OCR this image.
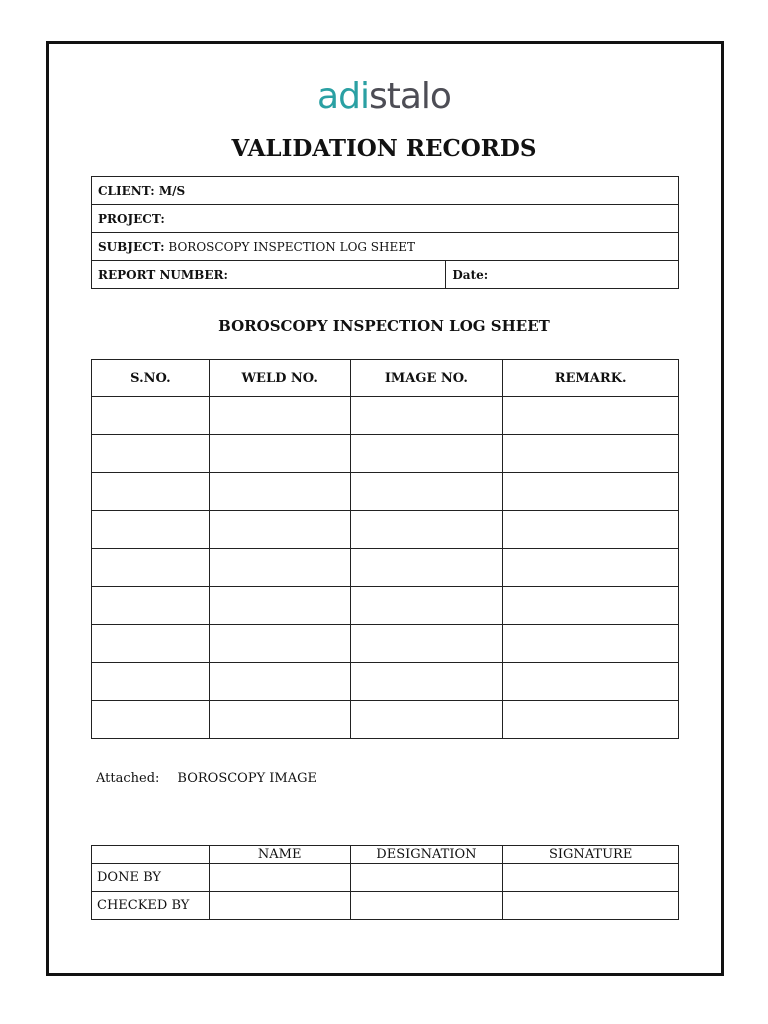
adistalo
VALIDATION RECORDS
CLIENT: M/S
PROJECT:
SUBJECT: BOROSCOPY INSPECTION LOG SHEET
REPORT NUMBER:	Date:
BOROSCOPY INSPECTION LOG SHEET
S.NO.	WELD NO.	IMAGE NO.	REMARK.

Attached: BOROSCOPY IMAGE
	NAME	DESIGNATION	SIGNATURE
DONE BY			
CHECKED BY			
